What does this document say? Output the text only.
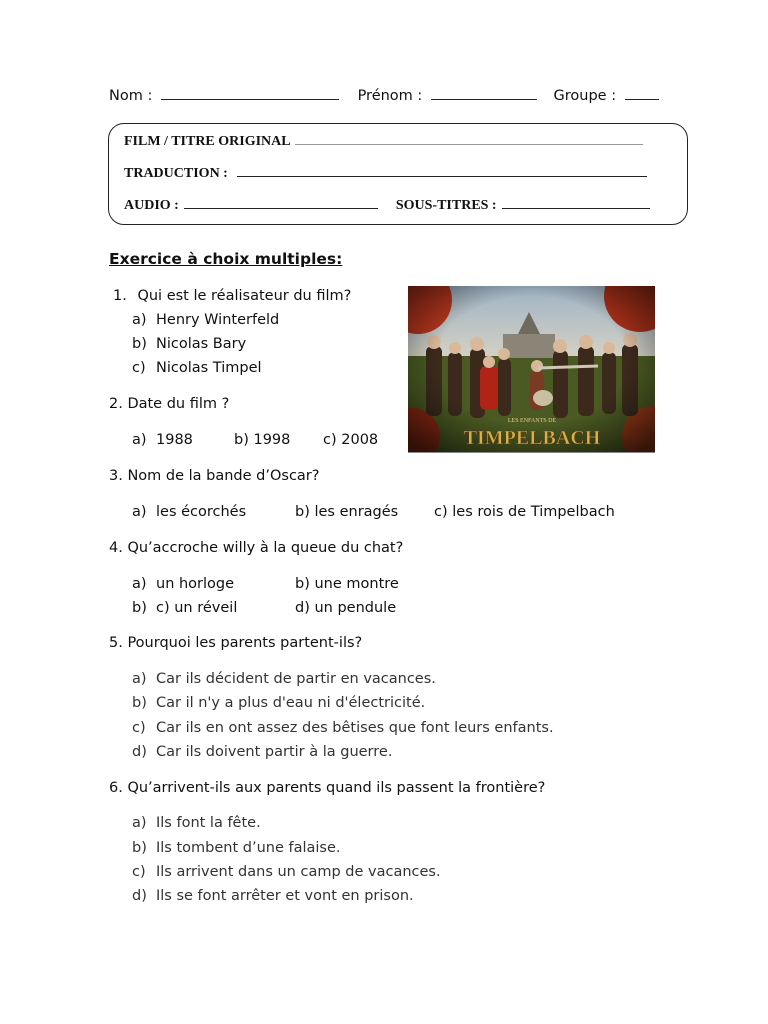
Nom :	Prénom :	Groupe :
FILM / TITRE ORIGINAL
TRADUCTION :
AUDIO :	SOUS-TITRES :
Exercice à choix multiples:
LES ENFANTS DE
TIMPELBACH
1. Qui est le réalisateur du film?
a) Henry Winterfeld
b) Nicolas Bary
c) Nicolas Timpel
2. Date du film ?
a) 1988	b) 1998 c) 2008
3. Nom de la bande d’Oscar?
a) les écorchés	b) les enragés c) les rois de Timpelbach
4. Qu’accroche willy à la queue du chat?
a) un horloge	b) une montre
b) c) un réveil	d) un pendule
5. Pourquoi les parents partent-ils?
a) Car ils décident de partir en vacances.
b) Car il n'y a plus d'eau ni d'électricité.
c) Car ils en ont assez des bêtises que font leurs enfants.
d) Car ils doivent partir à la guerre.
6. Qu’arrivent-ils aux parents quand ils passent la frontière?
a) Ils font la fête.
b) Ils tombent d’une falaise.
c) Ils arrivent dans un camp de vacances.
d) Ils se font arrêter et vont en prison.
